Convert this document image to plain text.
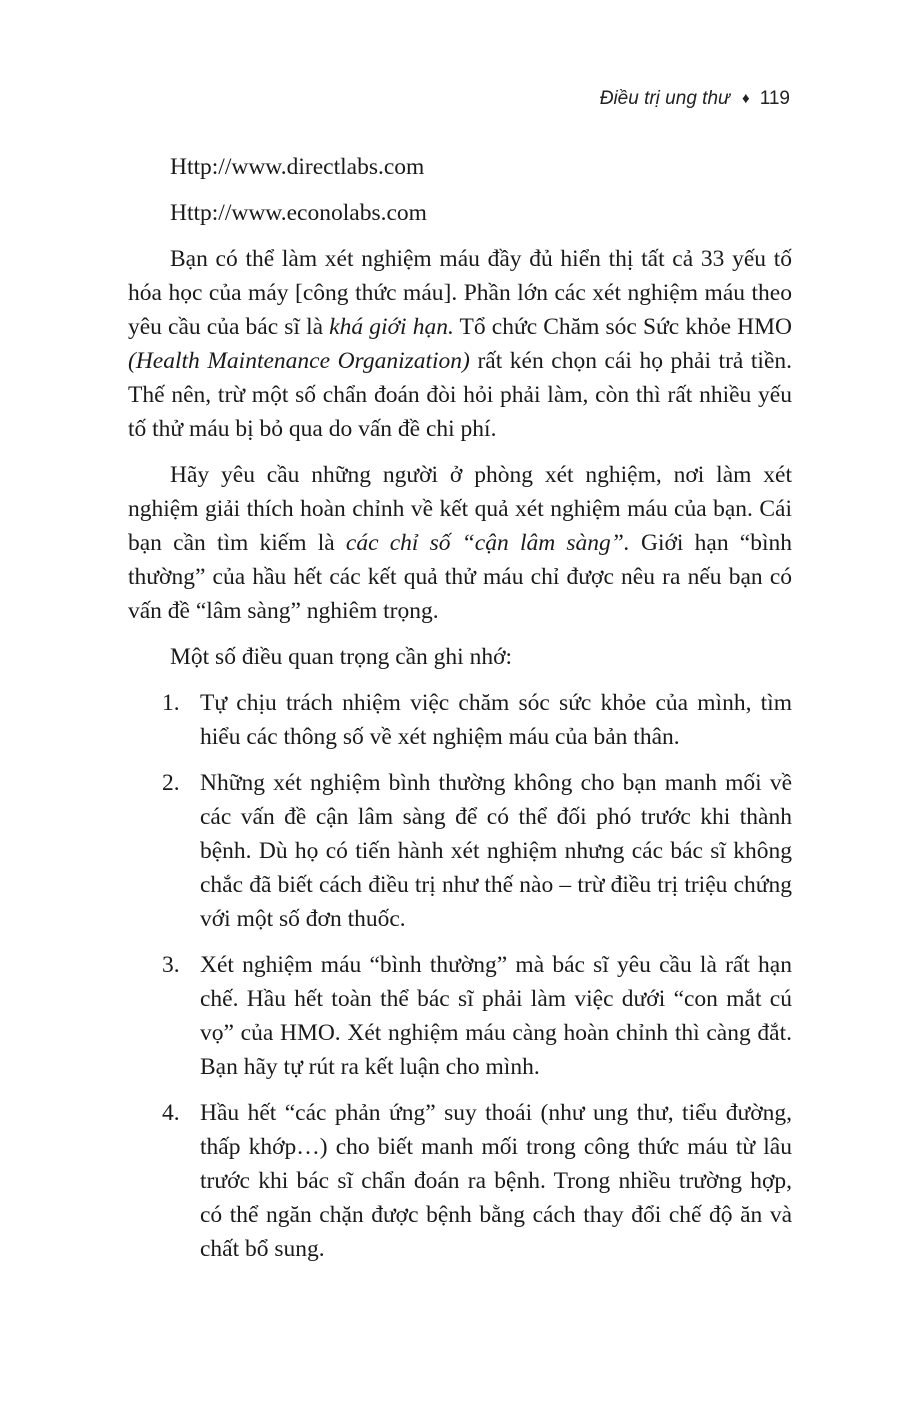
Điều trị ung thư ♦ 119

Http://www.directlabs.com

Http://www.econolabs.com

Bạn có thể làm xét nghiệm máu đầy đủ hiển thị tất cả 33 yếu tố hóa học của máy [công thức máu]. Phần lớn các xét nghiệm máu theo yêu cầu của bác sĩ là khá giới hạn. Tổ chức Chăm sóc Sức khỏe HMO (Health Maintenance Organization) rất kén chọn cái họ phải trả tiền. Thế nên, trừ một số chẩn đoán đòi hỏi phải làm, còn thì rất nhiều yếu tố thử máu bị bỏ qua do vấn đề chi phí.

Hãy yêu cầu những người ở phòng xét nghiệm, nơi làm xét nghiệm giải thích hoàn chỉnh về kết quả xét nghiệm máu của bạn. Cái bạn cần tìm kiếm là các chỉ số “cận lâm sàng”. Giới hạn “bình thường” của hầu hết các kết quả thử máu chỉ được nêu ra nếu bạn có vấn đề “lâm sàng” nghiêm trọng.

Một số điều quan trọng cần ghi nhớ:

1. Tự chịu trách nhiệm việc chăm sóc sức khỏe của mình, tìm hiểu các thông số về xét nghiệm máu của bản thân.
2. Những xét nghiệm bình thường không cho bạn manh mối về các vấn đề cận lâm sàng để có thể đối phó trước khi thành bệnh. Dù họ có tiến hành xét nghiệm nhưng các bác sĩ không chắc đã biết cách điều trị như thế nào – trừ điều trị triệu chứng với một số đơn thuốc.
3. Xét nghiệm máu “bình thường” mà bác sĩ yêu cầu là rất hạn chế. Hầu hết toàn thể bác sĩ phải làm việc dưới “con mắt cú vọ” của HMO. Xét nghiệm máu càng hoàn chỉnh thì càng đắt. Bạn hãy tự rút ra kết luận cho mình.
4. Hầu hết “các phản ứng” suy thoái (như ung thư, tiểu đường, thấp khớp…) cho biết manh mối trong công thức máu từ lâu trước khi bác sĩ chẩn đoán ra bệnh. Trong nhiều trường hợp, có thể ngăn chặn được bệnh bằng cách thay đổi chế độ ăn và chất bổ sung.
